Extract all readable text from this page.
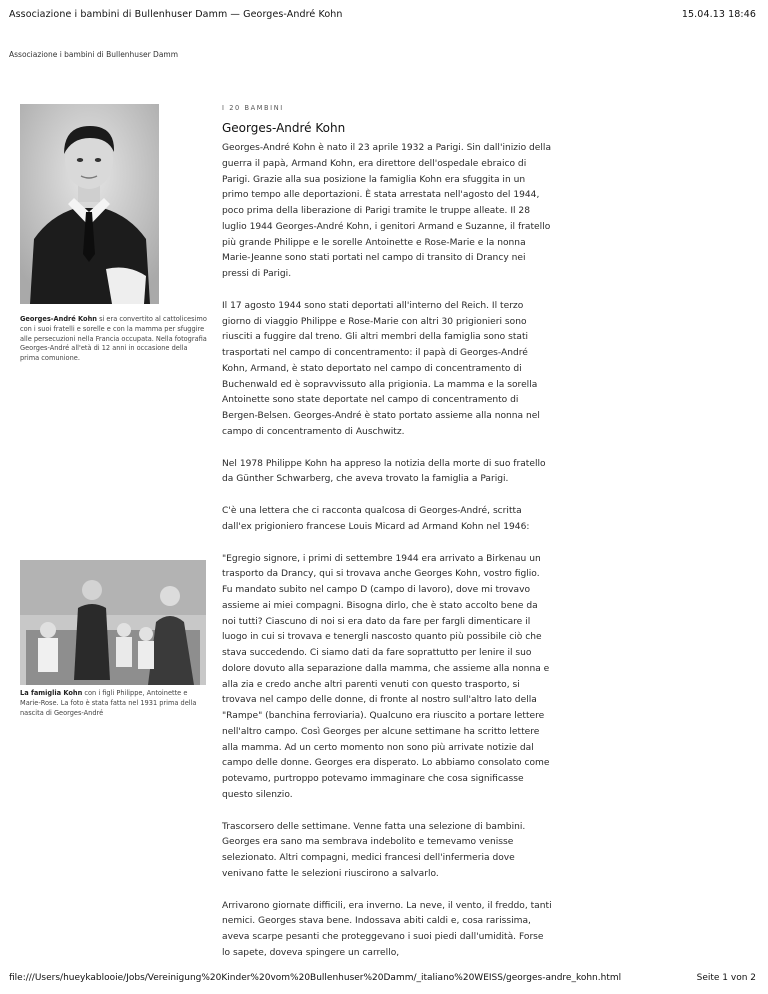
Associazione i bambini di Bullenhuser Damm — Georges-André Kohn	15.04.13 18:46
Associazione i bambini di Bullenhuser Damm
Georges-André Kohn si era convertito al cattolicesimo con i suoi fratelli e sorelle e con la mamma per sfuggire alle persecuzioni nella Francia occupata. Nella fotografia Georges-André all'età di 12 anni in occasione della prima comunione.
La famiglia Kohn con i figli Philippe, Antoinette e Marie-Rose. La foto è stata fatta nel 1931 prima della nascita di Georges-André
I 20 BAMBINI
Georges-André Kohn

Georges-André Kohn è nato il 23 aprile 1932 a Parigi. Sin dall'inizio della guerra il papà, Armand Kohn, era direttore dell'ospedale ebraico di Parigi. Grazie alla sua posizione la famiglia Kohn era sfuggita in un primo tempo alle deportazioni. È stata arrestata nell'agosto del 1944, poco prima della liberazione di Parigi tramite le truppe alleate. Il 28 luglio 1944 Georges-André Kohn, i genitori Armand e Suzanne, il fratello più grande Philippe e le sorelle Antoinette e Rose-Marie e la nonna Marie-Jeanne sono stati portati nel campo di transito di Drancy nei pressi di Parigi.

Il 17 agosto 1944 sono stati deportati all'interno del Reich. Il terzo giorno di viaggio Philippe e Rose-Marie con altri 30 prigionieri sono riusciti a fuggire dal treno. Gli altri membri della famiglia sono stati trasportati nel campo di concentramento: il papà di Georges-André Kohn, Armand, è stato deportato nel campo di concentramento di Buchenwald ed è sopravvissuto alla prigionia. La mamma e la sorella Antoinette sono state deportate nel campo di concentramento di Bergen-Belsen. Georges-André è stato portato assieme alla nonna nel campo di concentramento di Auschwitz.

Nel 1978 Philippe Kohn ha appreso la notizia della morte di suo fratello da Günther Schwarberg, che aveva trovato la famiglia a Parigi.

C'è una lettera che ci racconta qualcosa di Georges-André, scritta dall'ex prigioniero francese Louis Micard ad Armand Kohn nel 1946:

"Egregio signore, i primi di settembre 1944 era arrivato a Birkenau un trasporto da Drancy, qui si trovava anche Georges Kohn, vostro figlio. Fu mandato subito nel campo D (campo di lavoro), dove mi trovavo assieme ai miei compagni. Bisogna dirlo, che è stato accolto bene da noi tutti? Ciascuno di noi si era dato da fare per fargli dimenticare il luogo in cui si trovava e tenergli nascosto quanto più possibile ciò che stava succedendo. Ci siamo dati da fare soprattutto per lenire il suo dolore dovuto alla separazione dalla mamma, che assieme alla nonna e alla zia e credo anche altri parenti venuti con questo trasporto, si trovava nel campo delle donne, di fronte al nostro sull'altro lato della "Rampe" (banchina ferroviaria). Qualcuno era riuscito a portare lettere nell'altro campo. Così Georges per alcune settimane ha scritto lettere alla mamma. Ad un certo momento non sono più arrivate notizie dal campo delle donne. Georges era disperato. Lo abbiamo consolato come potevamo, purtroppo potevamo immaginare che cosa significasse questo silenzio.

Trascorsero delle settimane. Venne fatta una selezione di bambini. Georges era sano ma sembrava indebolito e temevamo venisse selezionato. Altri compagni, medici francesi dell'infermeria dove venivano fatte le selezioni riuscirono a salvarlo.

Arrivarono giornate difficili, era inverno. La neve, il vento, il freddo, tanti nemici. Georges stava bene. Indossava abiti caldi e, cosa rarissima, aveva scarpe pesanti che proteggevano i suoi piedi dall'umidità. Forse lo sapete, doveva spingere un carrello,

file:///Users/hueykablooie/Jobs/Vereinigung%20Kinder%20vom%20Bullenhuser%20Damm/_italiano%20WEISS/georges-andre_kohn.html	Seite 1 von 2
